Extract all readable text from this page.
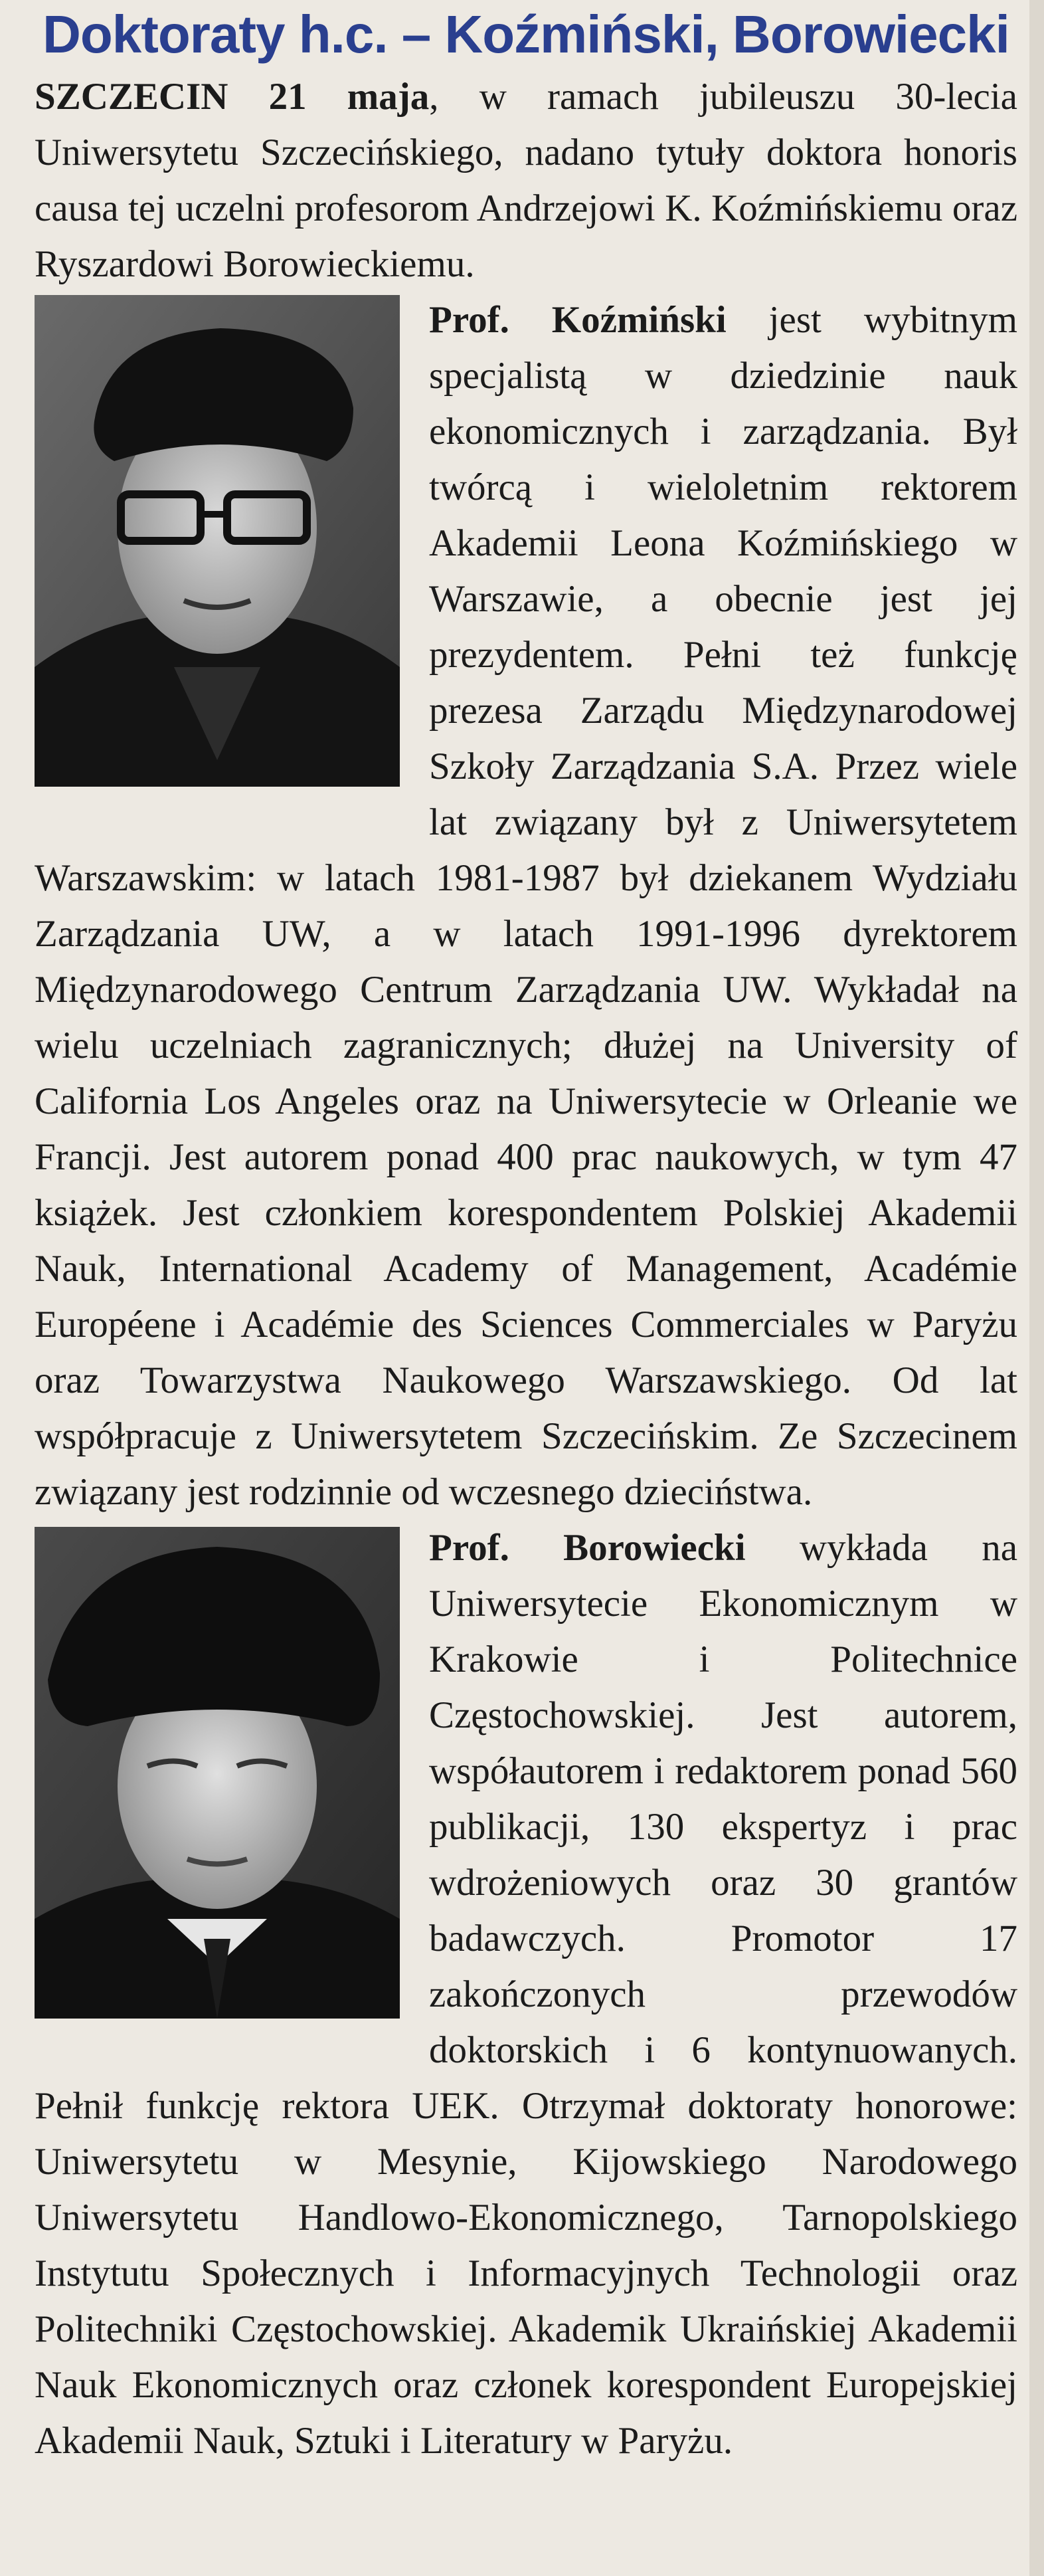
Doktoraty h.c. – Koźmiński, Borowiecki

SZCZECIN 21 maja, w ramach jubileuszu 30-lecia Uniwersytetu Szczecińskiego, nadano tytuły doktora honoris causa tej uczelni profesorom Andrzejowi K. Koźmińskiemu oraz Ryszardowi Borowieckiemu.

Prof. Koźmiński jest wybitnym specjalistą w dziedzinie nauk ekonomicznych i zarządzania. Był twórcą i wieloletnim rektorem Akademii Leona Koźmińskiego w Warszawie, a obecnie jest jej prezydentem. Pełni też funkcję prezesa Zarządu Międzynarodowej Szkoły Zarządzania S.A. Przez wiele lat związany był z Uniwersytetem Warszawskim: w latach 1981-1987 był dziekanem Wydziału Zarządzania UW, a w latach 1991-1996 dyrektorem Międzynarodowego Centrum Zarządzania UW. Wykładał na wielu uczelniach zagranicznych; dłużej na University of California Los Angeles oraz na Uniwersytecie w Orleanie we Francji. Jest autorem ponad 400 prac naukowych, w tym 47 książek. Jest członkiem korespondentem Polskiej Akademii Nauk, International Academy of Management, Académie Européene i Académie des Sciences Commerciales w Paryżu oraz Towarzystwa Naukowego Warszawskiego. Od lat współpracuje z Uniwersytetem Szczecińskim. Ze Szczecinem związany jest rodzinnie od wczesnego dzieciństwa.

Prof. Borowiecki wykłada na Uniwersytecie Ekonomicznym w Krakowie i Politechnice Częstochowskiej. Jest autorem, współautorem i redaktorem ponad 560 publikacji, 130 ekspertyz i prac wdrożeniowych oraz 30 grantów badawczych. Promotor 17 zakończonych przewodów doktorskich i 6 kontynuowanych. Pełnił funkcję rektora UEK. Otrzymał doktoraty honorowe: Uniwersytetu w Mesynie, Kijowskiego Narodowego Uniwersytetu Handlowo-Ekonomicznego, Tarnopolskiego Instytutu Społecznych i Informacyjnych Technologii oraz Politechniki Częstochowskiej. Akademik Ukraińskiej Akademii Nauk Ekonomicznych oraz członek korespondent Europejskiej Akademii Nauk, Sztuki i Literatury w Paryżu.
